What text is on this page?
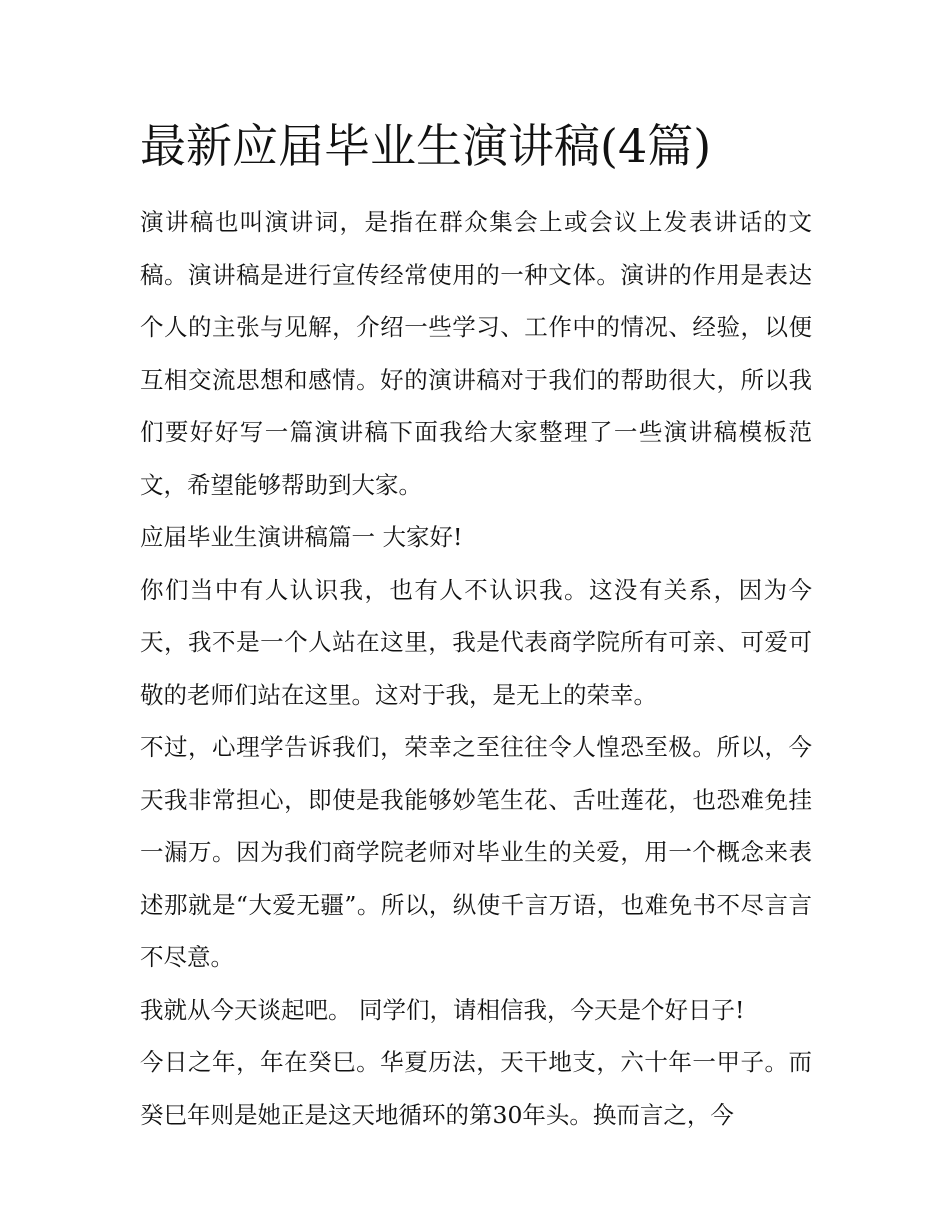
最新应届毕业生演讲稿(4篇)

演讲稿也叫演讲词，是指在群众集会上或会议上发表讲话的文稿。演讲稿是进行宣传经常使用的一种文体。演讲的作用是表达个人的主张与见解，介绍一些学习、工作中的情况、经验，以便互相交流思想和感情。好的演讲稿对于我们的帮助很大，所以我们要好好写一篇演讲稿下面我给大家整理了一些演讲稿模板范文，希望能够帮助到大家。

应届毕业生演讲稿篇一 大家好!

你们当中有人认识我，也有人不认识我。这没有关系，因为今天，我不是一个人站在这里，我是代表商学院所有可亲、可爱可敬的老师们站在这里。这对于我，是无上的荣幸。

不过，心理学告诉我们，荣幸之至往往令人惶恐至极。所以，今天我非常担心，即使是我能够妙笔生花、舌吐莲花，也恐难免挂一漏万。因为我们商学院老师对毕业生的关爱，用一个概念来表述那就是“大爱无疆”。所以，纵使千言万语，也难免书不尽言言不尽意。

我就从今天谈起吧。 同学们，请相信我，今天是个好日子!

今日之年，年在癸巳。华夏历法，天干地支，六十年一甲子。而癸巳年则是她正是这天地循环的第30年头。换而言之，今
